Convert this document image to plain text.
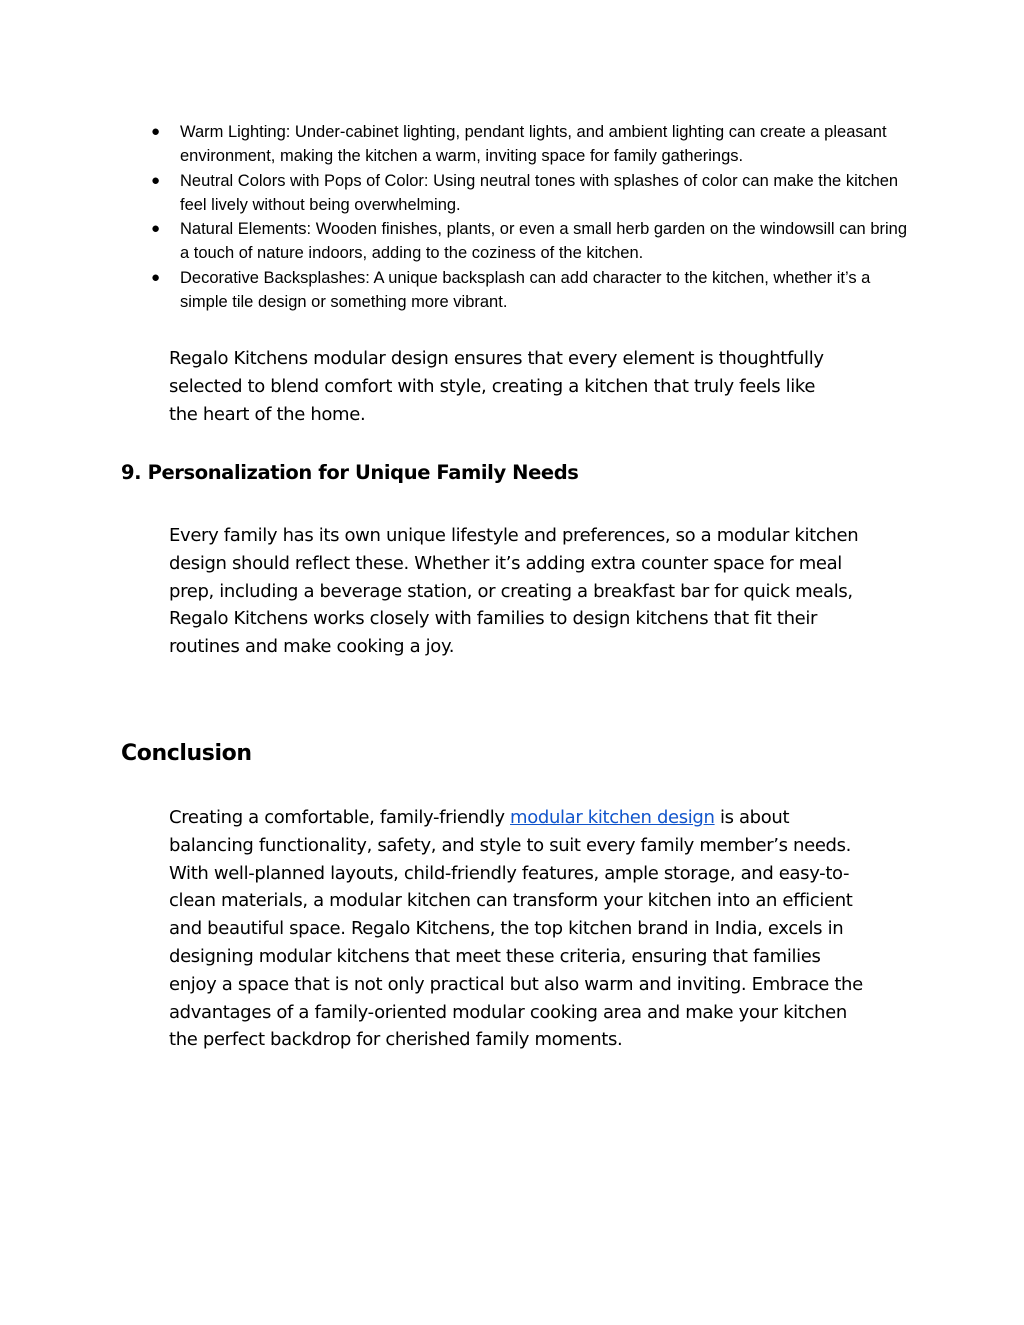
● Warm Lighting: Under-cabinet lighting, pendant lights, and ambient lighting can create a pleasant environment, making the kitchen a warm, inviting space for family gatherings.
● Neutral Colors with Pops of Color: Using neutral tones with splashes of color can make the kitchen feel lively without being overwhelming.
● Natural Elements: Wooden finishes, plants, or even a small herb garden on the windowsill can bring a touch of nature indoors, adding to the coziness of the kitchen.
● Decorative Backsplashes: A unique backsplash can add character to the kitchen, whether it’s a simple tile design or something more vibrant.

Regalo Kitchens modular design ensures that every element is thoughtfully selected to blend comfort with style, creating a kitchen that truly feels like the heart of the home.

9. Personalization for Unique Family Needs

Every family has its own unique lifestyle and preferences, so a modular kitchen design should reflect these. Whether it’s adding extra counter space for meal prep, including a beverage station, or creating a breakfast bar for quick meals, Regalo Kitchens works closely with families to design kitchens that fit their routines and make cooking a joy.

Conclusion

Creating a comfortable, family-friendly modular kitchen design is about balancing functionality, safety, and style to suit every family member’s needs. With well-planned layouts, child-friendly features, ample storage, and easy-to-clean materials, a modular kitchen can transform your kitchen into an efficient and beautiful space. Regalo Kitchens, the top kitchen brand in India, excels in designing modular kitchens that meet these criteria, ensuring that families enjoy a space that is not only practical but also warm and inviting. Embrace the advantages of a family-oriented modular cooking area and make your kitchen the perfect backdrop for cherished family moments.
